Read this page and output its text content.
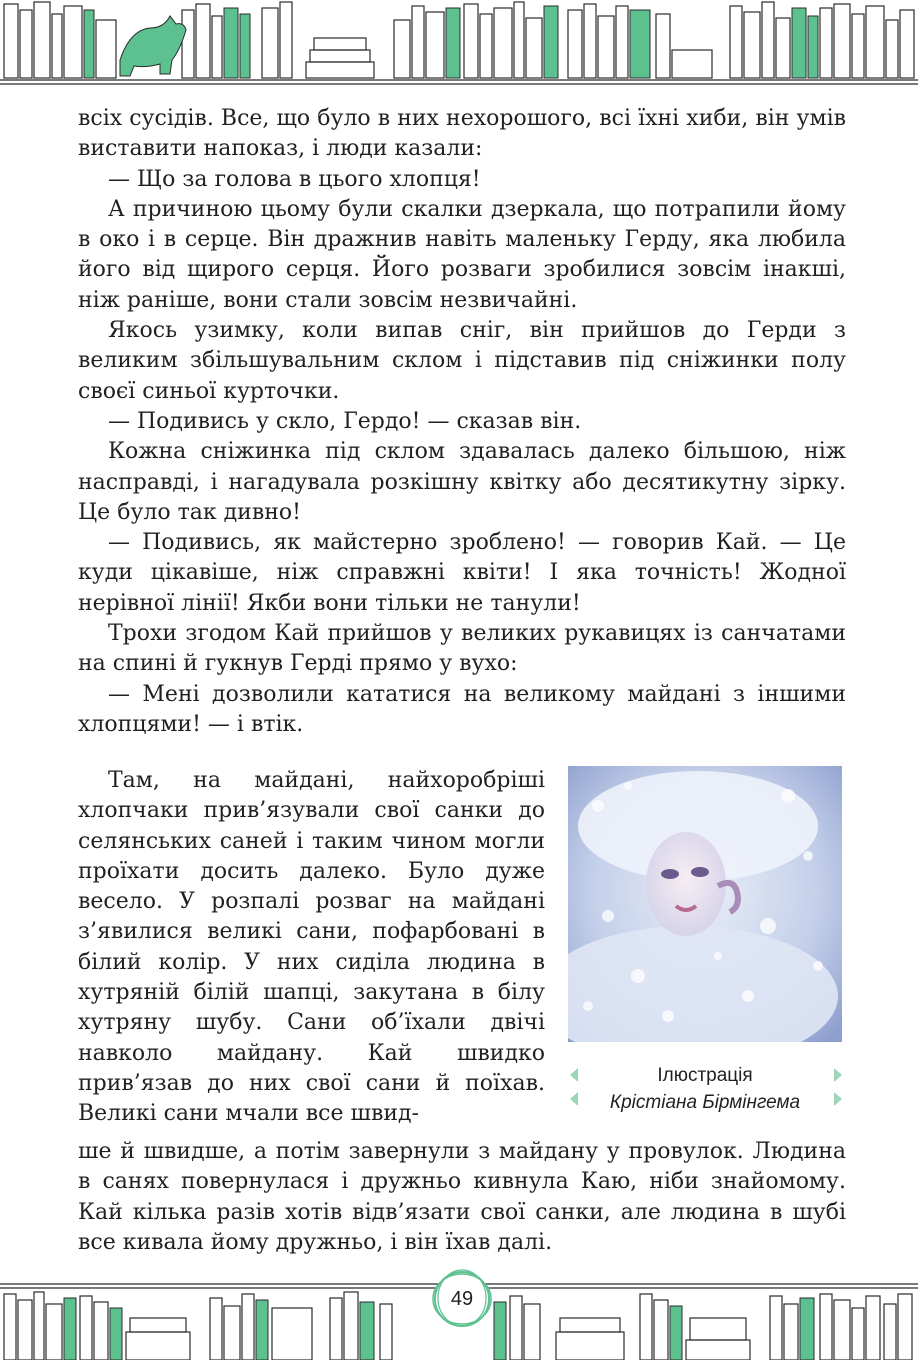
всіх сусідів. Все, що було в них нехорошого, всі їхні хиби, він умів виставити напоказ, і люди казали:

— Що за голова в цього хлопця!

А причиною цьому були скалки дзеркала, що потрапили йому в око і в серце. Він дражнив навіть маленьку Герду, яка любила його від щирого серця. Його розваги зробилися зовсім інакші, ніж раніше, вони стали зовсім незвичайні.

Якось узимку, коли випав сніг, він прийшов до Герди з великим збільшувальним склом і підставив під сніжинки полу своєї синьої курточки.

— Подивись у скло, Гердо! — сказав він.

Кожна сніжинка під склом здавалась далеко більшою, ніж насправді, і нагадувала розкішну квітку або десятикутну зірку. Це було так дивно!

— Подивись, як майстерно зроблено! — говорив Кай. — Це куди цікавіше, ніж справжні квіти! І яка точність! Жодної нерівної лінії! Якби вони тільки не танули!

Трохи згодом Кай прийшов у великих рукавицях із санчатами на спині й гукнув Герді прямо у вухо:

— Мені дозволили кататися на великому майдані з іншими хлопцями! — і втік.

Там, на майдані, найхоробріші хлопчаки прив’язували свої санки до селянських саней і таким чином могли проїхати досить далеко. Було дуже весело. У розпалі розваг на майдані з’явилися великі сани, пофарбовані в білий колір. У них сиділа людина в хутряній білій шапці, закутана в білу хутряну шубу. Сани об’їхали двічі навколо майдану. Кай швидко прив’язав до них свої сани й поїхав. Великі сани мчали все швид-

ше й швидше, а потім завернули з майдану у провулок. Людина в санях повернулася і дружньо кивнула Каю, ніби знайомому. Кай кілька разів хотів відв’язати свої санки, але людина в шубі все кивала йому дружньо, і він їхав далі.

Ілюстрація
Крістіана Бірмінгема
49
